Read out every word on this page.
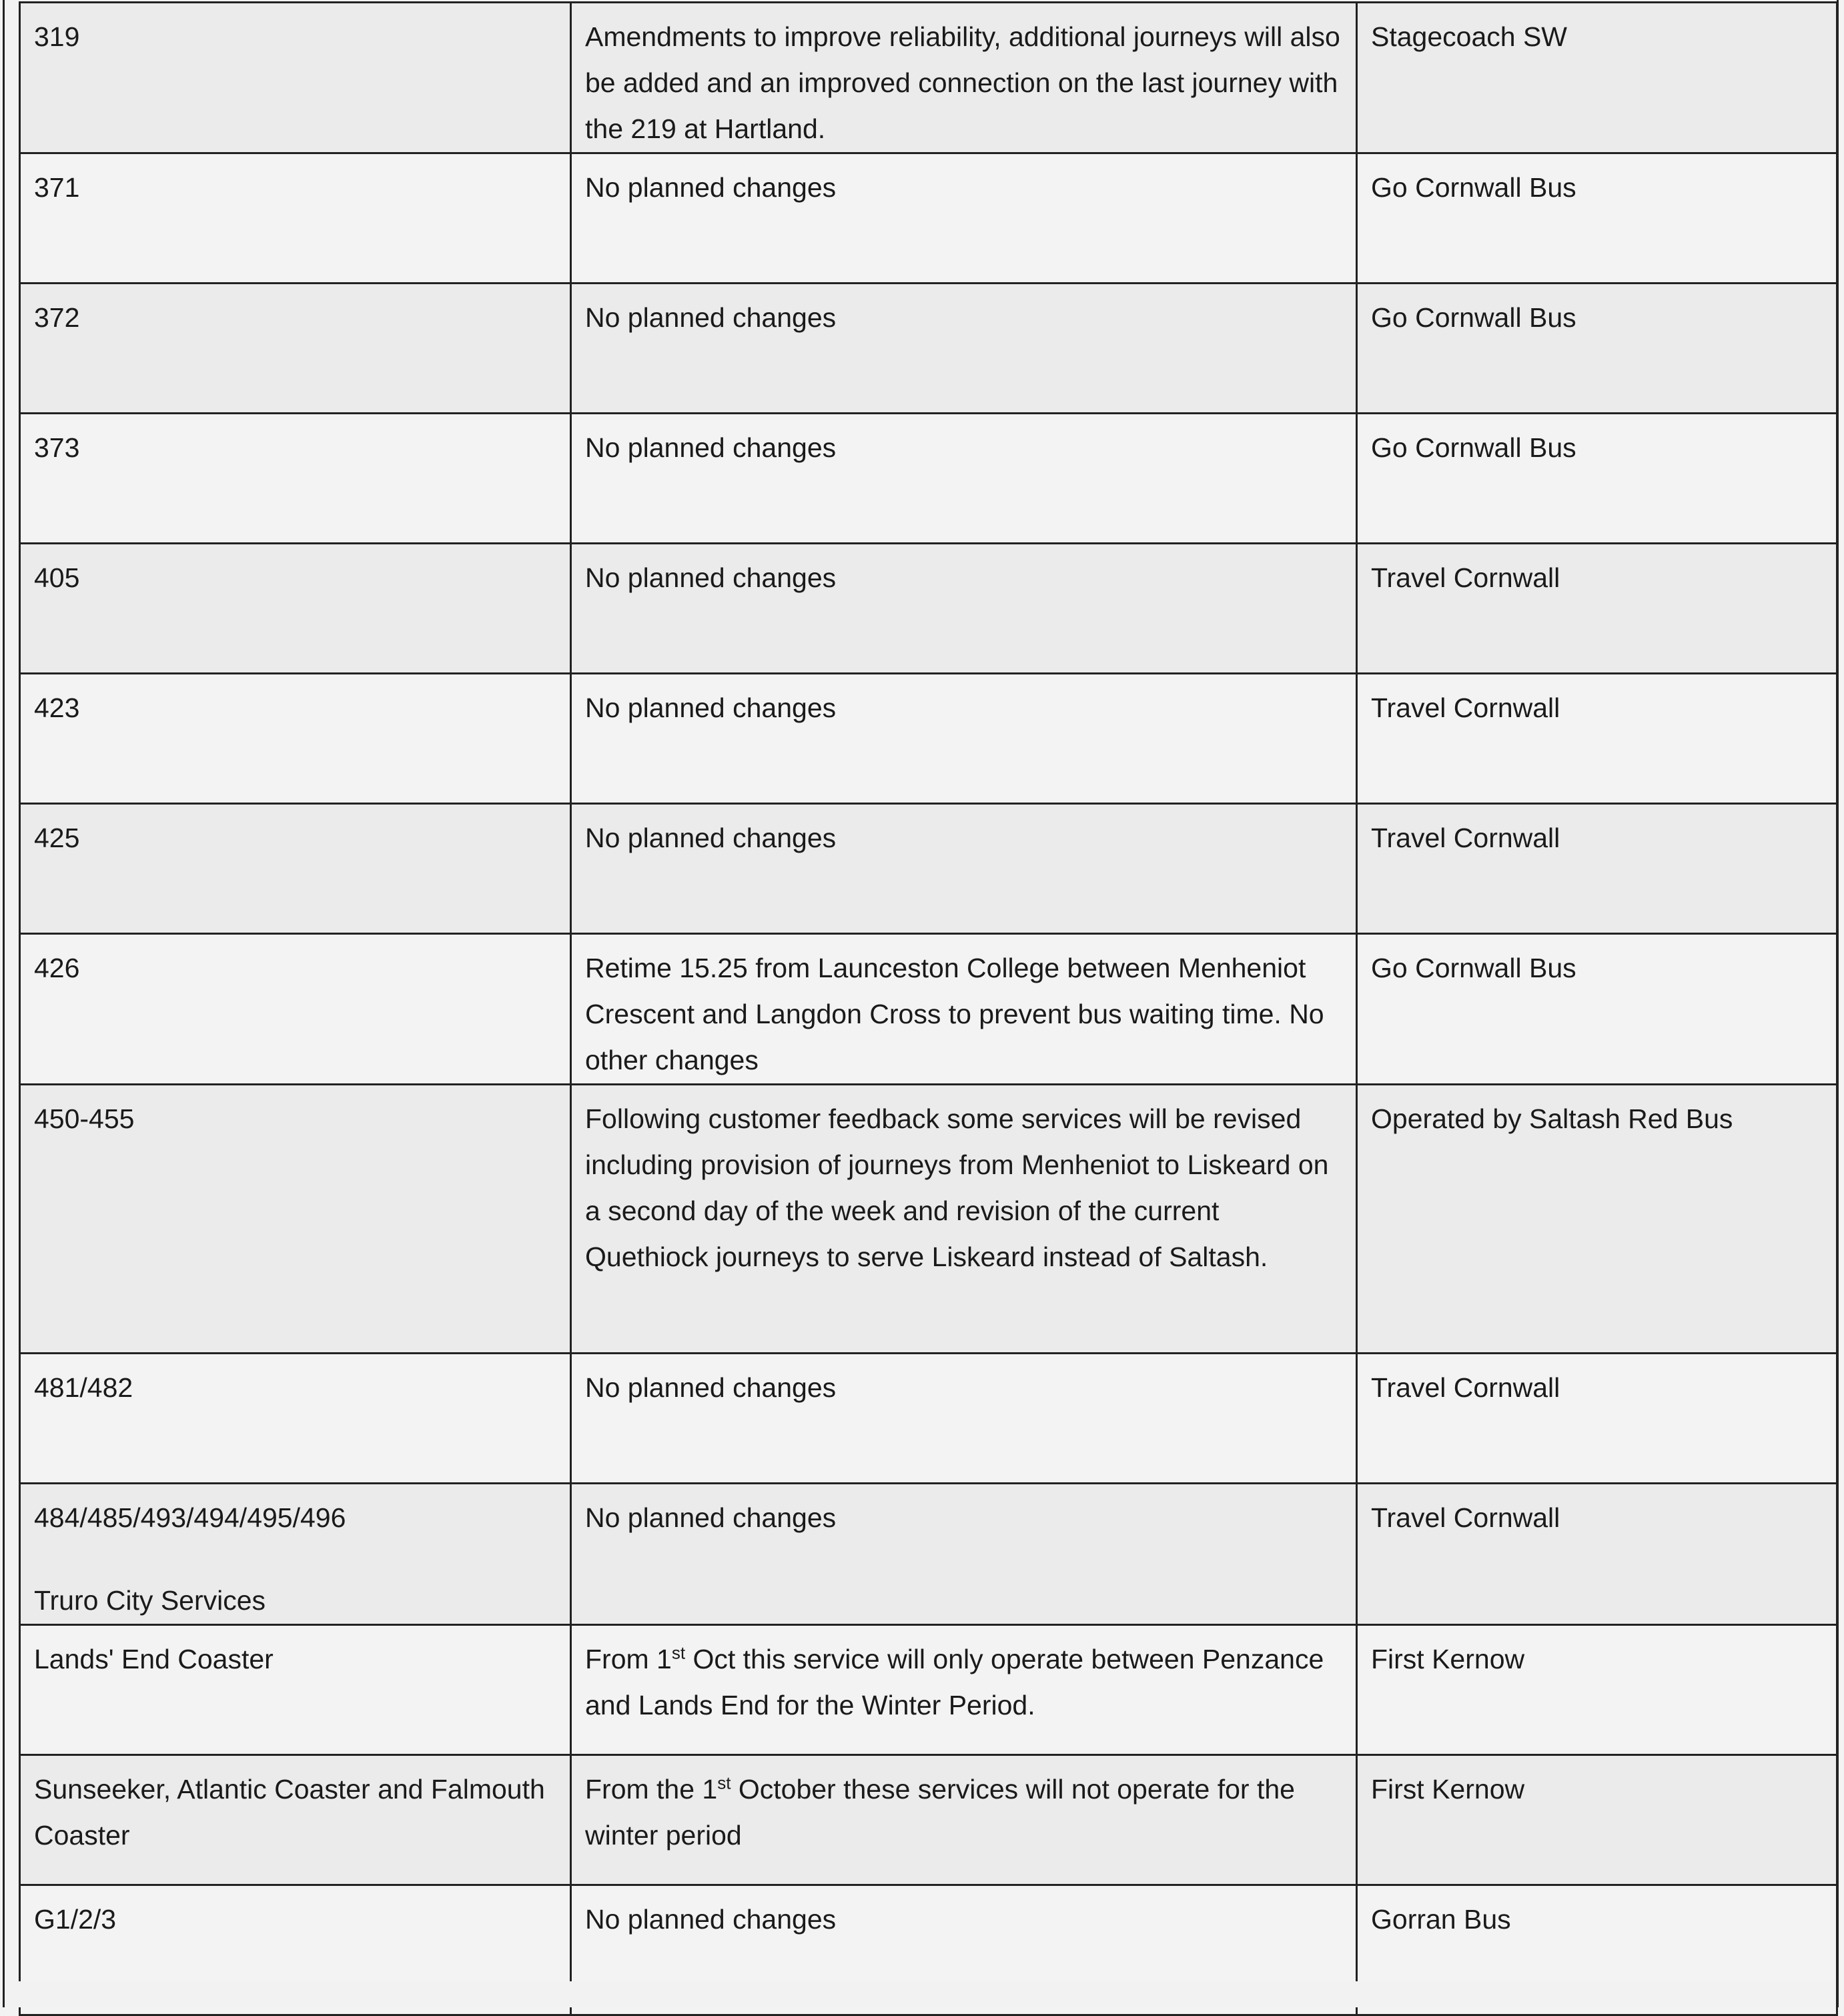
319	Amendments to improve reliability, additional journeys will also be added and an improved connection on the last journey with the 219 at Hartland.	Stagecoach SW
371	No planned changes	Go Cornwall Bus
372	No planned changes	Go Cornwall Bus
373	No planned changes	Go Cornwall Bus
405	No planned changes	Travel Cornwall
423	No planned changes	Travel Cornwall
425	No planned changes	Travel Cornwall
426	Retime 15.25 from Launceston College between Menheniot Crescent and Langdon Cross to prevent bus waiting time. No other changes	Go Cornwall Bus
450-455	Following customer feedback some services will be revised including provision of journeys from Menheniot to Liskeard on a second day of the week and revision of the current Quethiock journeys to serve Liskeard instead of Saltash.	Operated by Saltash Red Bus
481/482	No planned changes	Travel Cornwall
484/485/493/494/495/496
Truro City Services	No planned changes	Travel Cornwall
Lands' End Coaster	From 1st Oct this service will only operate between Penzance and Lands End for the Winter Period.	First Kernow
Sunseeker, Atlantic Coaster and Falmouth Coaster	From the 1st October these services will not operate for the winter period	First Kernow
G1/2/3	No planned changes	Gorran Bus
